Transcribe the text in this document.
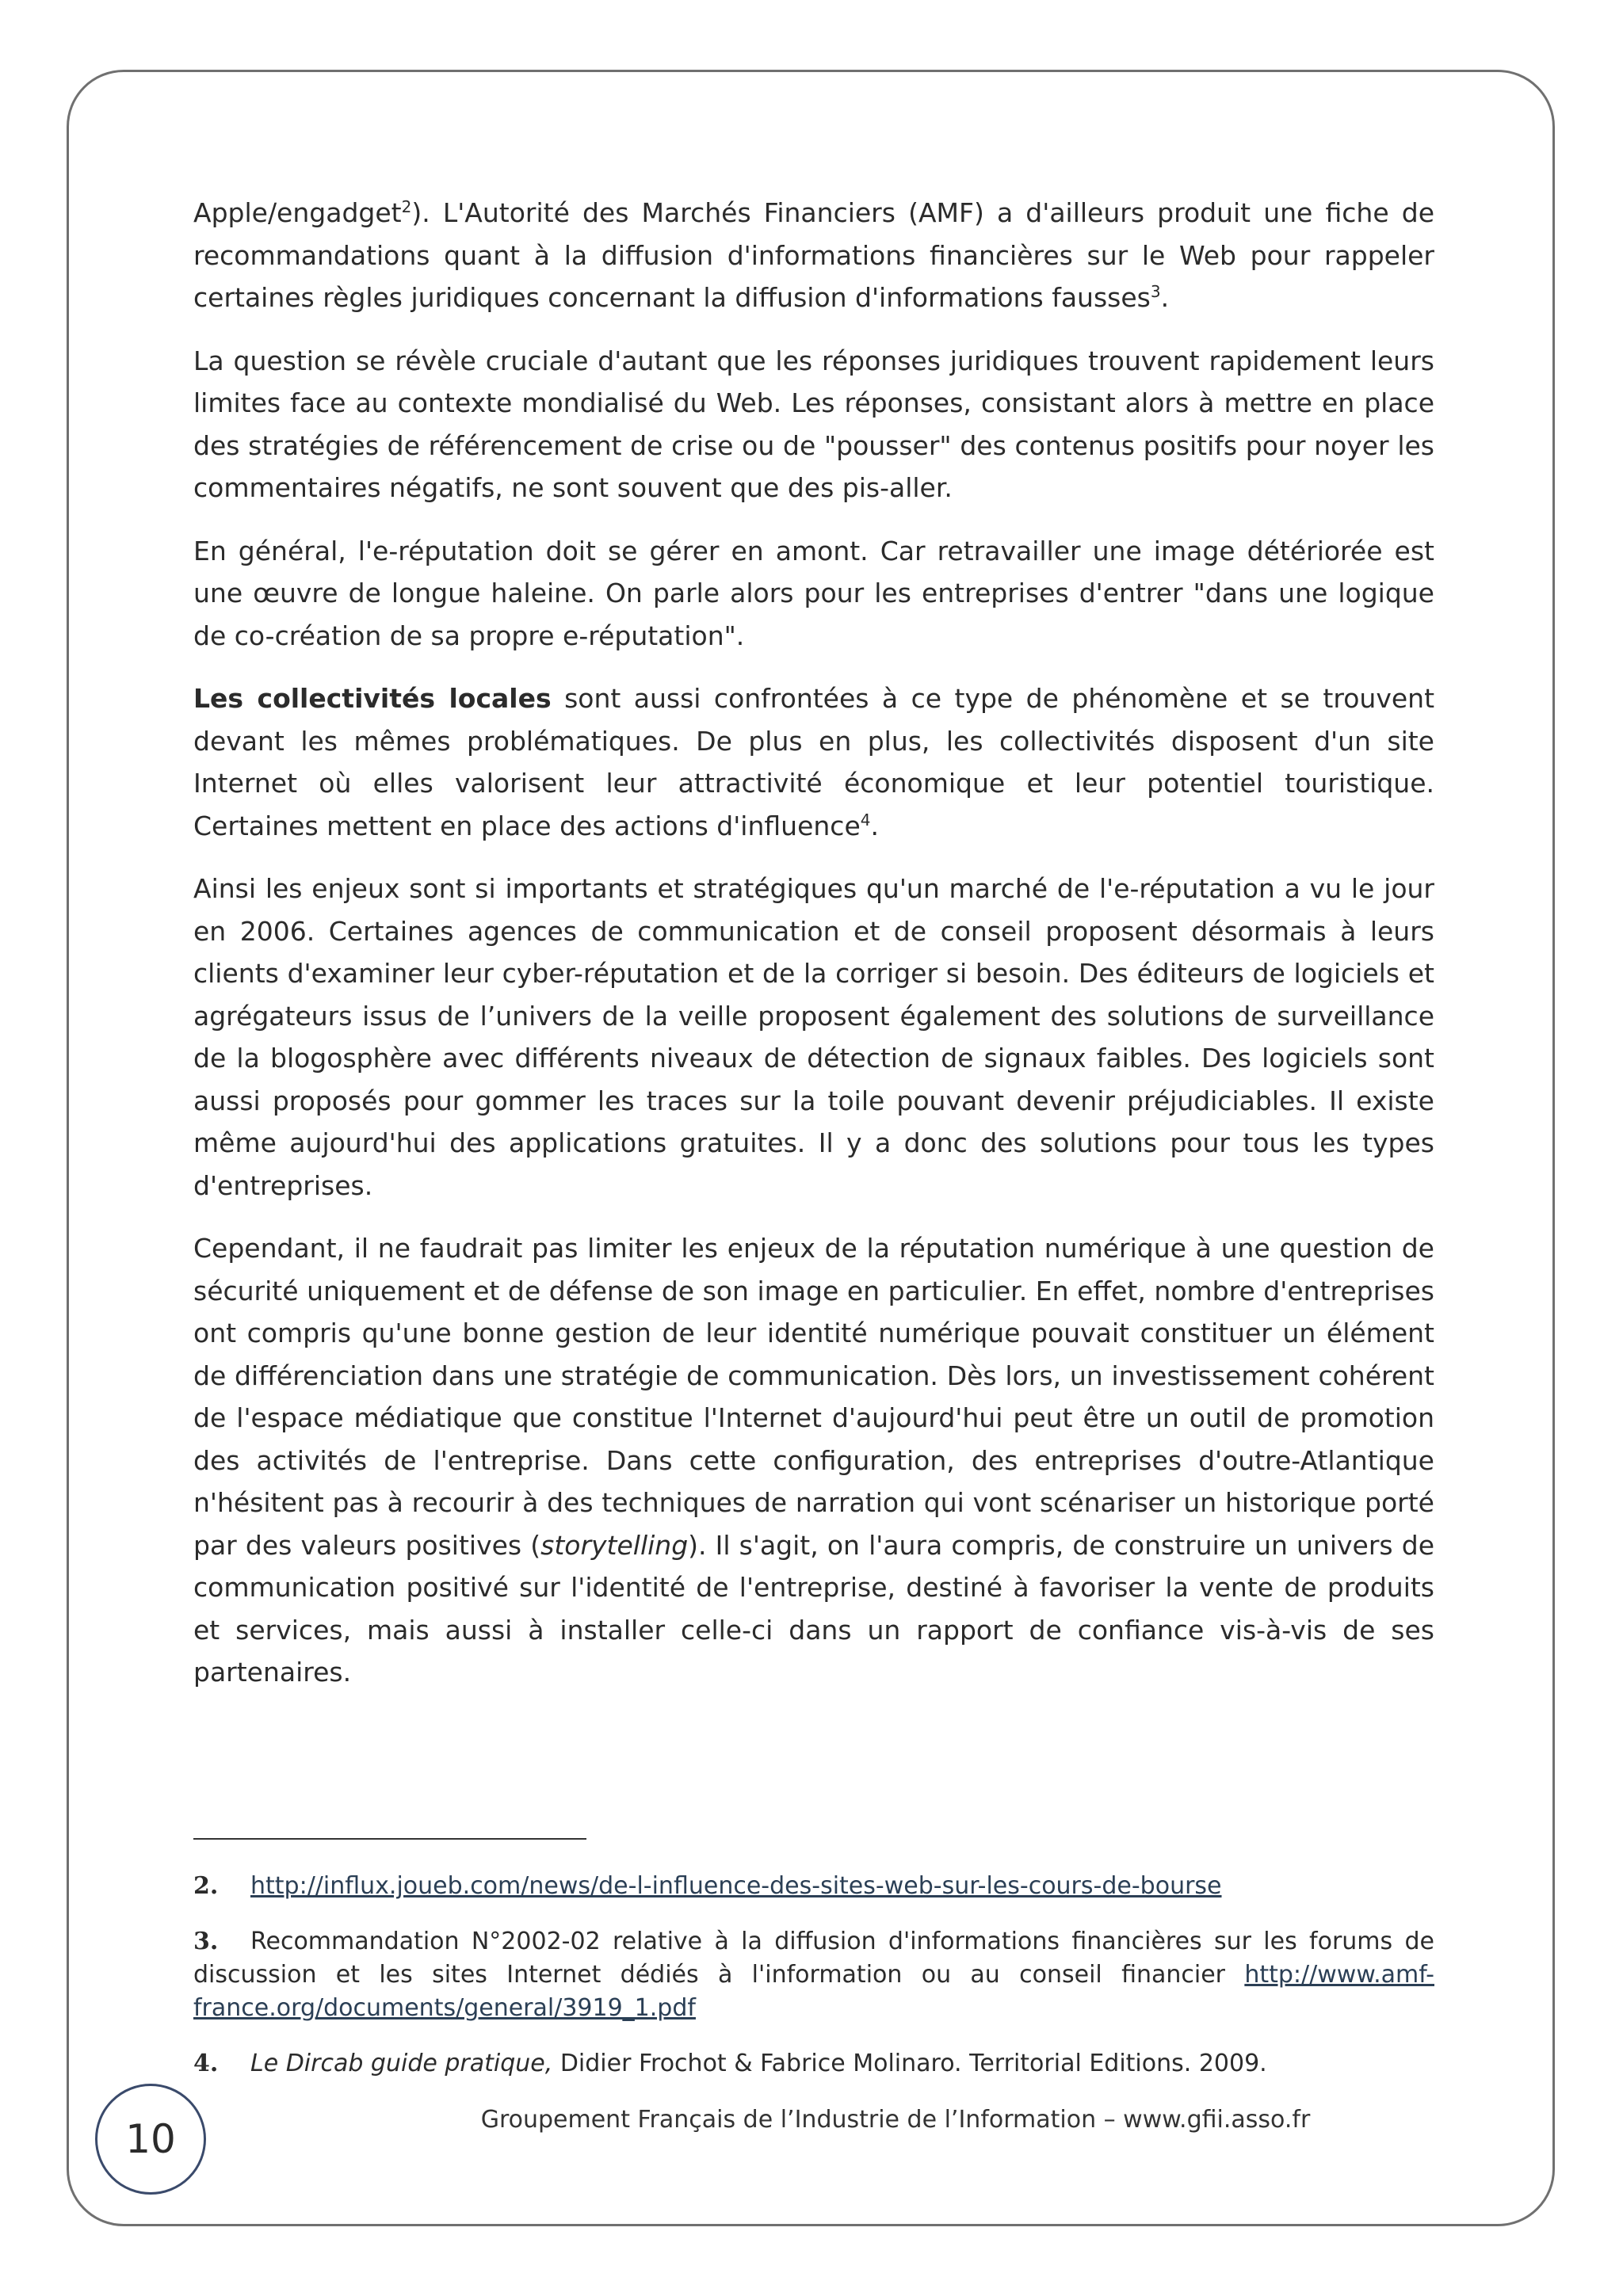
Apple/engadget$^2$). L'Autorité des Marchés Financiers (AMF) a d'ailleurs produit une fiche de recommandations quant à la diffusion d'informations financières sur le Web pour rappeler certaines règles juridiques concernant la diffusion d'informations fausses$^3$.

La question se révèle cruciale d'autant que les réponses juridiques trouvent rapidement leurs limites face au contexte mondialisé du Web. Les réponses, consistant alors à mettre en place des stratégies de référencement de crise ou de "pousser" des contenus positifs pour noyer les commentaires négatifs, ne sont souvent que des pis-aller.

En général, l'e-réputation doit se gérer en amont. Car retravailler une image détériorée est une œuvre de longue haleine. On parle alors pour les entreprises d'entrer "dans une logique de co-création de sa propre e-réputation".

Les collectivités locales sont aussi confrontées à ce type de phénomène et se trouvent devant les mêmes problématiques. De plus en plus, les collectivités disposent d'un site Internet où elles valorisent leur attractivité économique et leur potentiel touristique. Certaines mettent en place des actions d'influence$^4$.

Ainsi les enjeux sont si importants et stratégiques qu'un marché de l'e-réputation a vu le jour en 2006. Certaines agences de communication et de conseil proposent désormais à leurs clients d'examiner leur cyber-réputation et de la corriger si besoin. Des éditeurs de logiciels et agrégateurs issus de l’univers de la veille proposent également des solutions de surveillance de la blogosphère avec différents niveaux de détection de signaux faibles. Des logiciels sont aussi proposés pour gommer les traces sur la toile pouvant devenir préjudiciables. Il existe même aujourd'hui des applications gratuites. Il y a donc des solutions pour tous les types d'entreprises.

Cependant, il ne faudrait pas limiter les enjeux de la réputation numérique à une question de sécurité uniquement et de défense de son image en particulier. En effet, nombre d'entreprises ont compris qu'une bonne gestion de leur identité numérique pouvait constituer un élément de différenciation dans une stratégie de communication. Dès lors, un investissement cohérent de l'espace médiatique que constitue l'Internet d'aujourd'hui peut être un outil de promotion des activités de l'entreprise. Dans cette configuration, des entreprises d'outre-Atlantique n'hésitent pas à recourir à des techniques de narration qui vont scénariser un historique porté par des valeurs positives (storytelling). Il s'agit, on l'aura compris, de construire un univers de communication positivé sur l'identité de l'entreprise, destiné à favoriser la vente de produits et services, mais aussi à installer celle-ci dans un rapport de confiance vis-à-vis de ses partenaires.

2. http://influx.joueb.com/news/de-l-influence-des-sites-web-sur-les-cours-de-bourse

3. Recommandation N°2002-02 relative à la diffusion d'informations financières sur les forums de discussion et les sites Internet dédiés à l'information ou au conseil financier http://www.amf-france.org/documents/general/3919_1.pdf

4. Le Dircab guide pratique, Didier Frochot & Fabrice Molinaro. Territorial Editions. 2009.

10	Groupement Français de l’Industrie de l’Information – www.gfii.asso.fr
